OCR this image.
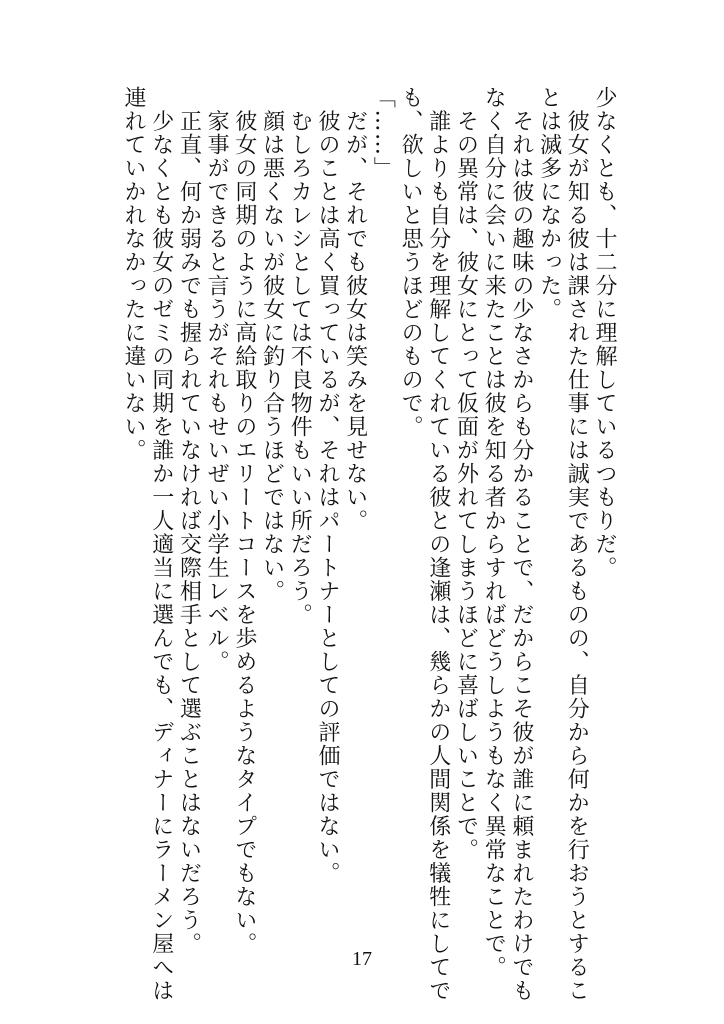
少なくとも、十二分に理解しているつもりだ。
　彼女が知る彼は課された仕事には誠実であるものの、自分から何かを行おうとするこ
とは滅多になかった。
　それは彼の趣味の少なさからも分かることで、だからこそ彼が誰に頼まれたわけでも
なく自分に会いに来たことは彼を知る者からすればどうしようもなく異常なことで。
　その異常は、彼女にとって仮面が外れてしまうほどに喜ばしいことで。
　誰よりも自分を理解してくれている彼との逢瀬は、幾らかの人間関係を犠牲にしてで
も、欲しいと思うほどのもので。
「……」
　だが、それでも彼女は笑みを見せない。
　彼のことは高く買っているが、それはパートナーとしての評価ではない。
　むしろカレシとしては不良物件もいい所だろう。
　顔は悪くないが彼女に釣り合うほどではない。
　彼女の同期のように高給取りのエリートコースを歩めるようなタイプでもない。
　家事ができると言うがそれもせいぜい小学生レベル。
　正直、何か弱みでも握られていなければ交際相手として選ぶことはないだろう。
　少なくとも彼女のゼミの同期を誰か一人適当に選んでも、ディナーにラーメン屋へは
連れていかれなかったに違いない。
17
